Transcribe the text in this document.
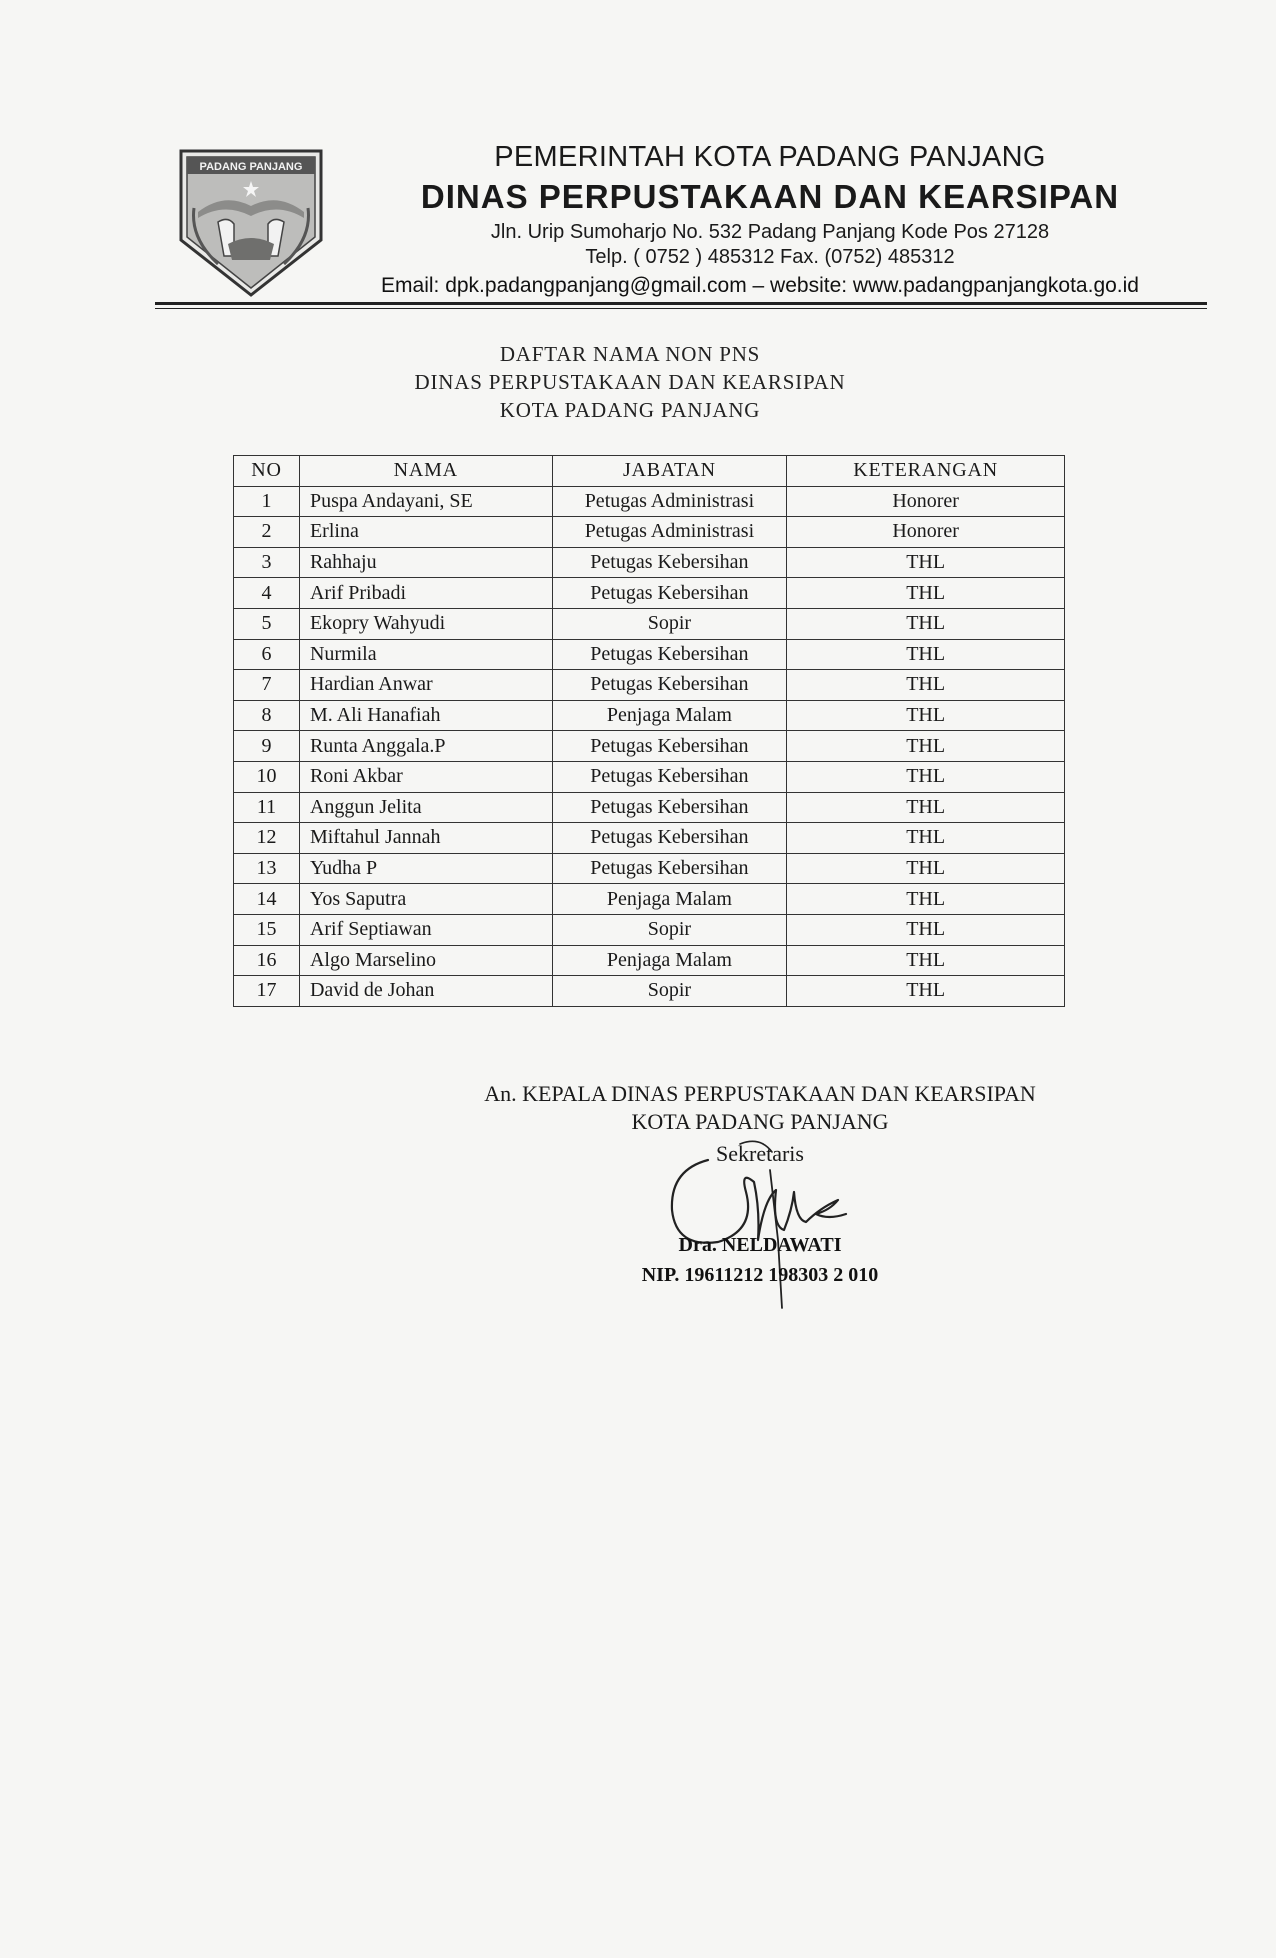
PADANG PANJANG	PEMERINTAH KOTA PADANG PANJANG
DINAS PERPUSTAKAAN DAN KEARSIPAN
Jln. Urip Sumoharjo No. 532 Padang Panjang Kode Pos 27128
Telp. ( 0752 ) 485312 Fax. (0752) 485312
Email: dpk.padangpanjang@gmail.com – website: www.padangpanjangkota.go.id
DAFTAR NAMA NON PNS
DINAS PERPUSTAKAAN DAN KEARSIPAN
KOTA PADANG PANJANG
NO	NAMA	JABATAN	KETERANGAN
1	Puspa Andayani, SE	Petugas Administrasi	Honorer
2	Erlina	Petugas Administrasi	Honorer
3	Rahhaju	Petugas Kebersihan	THL
4	Arif Pribadi	Petugas Kebersihan	THL
5	Ekopry Wahyudi	Sopir	THL
6	Nurmila	Petugas Kebersihan	THL
7	Hardian Anwar	Petugas Kebersihan	THL
8	M. Ali Hanafiah	Penjaga Malam	THL
9	Runta Anggala.P	Petugas Kebersihan	THL
10	Roni Akbar	Petugas Kebersihan	THL
11	Anggun Jelita	Petugas Kebersihan	THL
12	Miftahul Jannah	Petugas Kebersihan	THL
13	Yudha P	Petugas Kebersihan	THL
14	Yos Saputra	Penjaga Malam	THL
15	Arif Septiawan	Sopir	THL
16	Algo Marselino	Penjaga Malam	THL
17	David de Johan	Sopir	THL
An. KEPALA DINAS PERPUSTAKAAN DAN KEARSIPAN
KOTA PADANG PANJANG
Sekretaris
Dra. NELDAWATI
NIP. 19611212 198303 2 010
